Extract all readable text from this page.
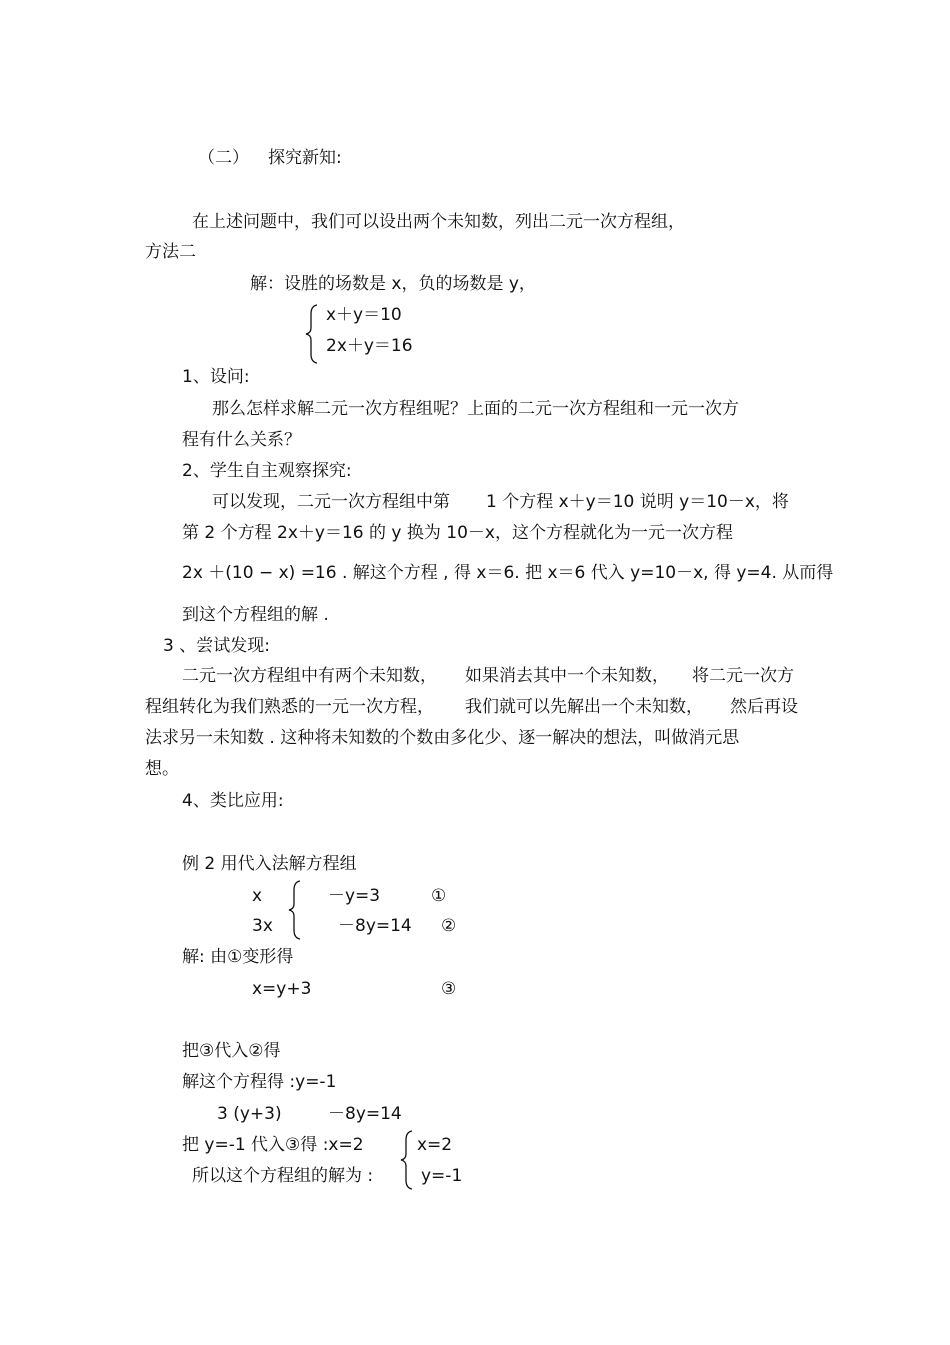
（二） 探究新知:
在上述问题中，我们可以设出两个未知数，列出二元一次方程组，
方法二
解：设胜的场数是 x，负的场数是 y，
x＋y＝10
2x＋y＝16
1、设问:
那么怎样求解二元一次方程组呢？上面的二元一次方程组和一元一次方
程有什么关系？
2、学生自主观察探究:
可以发现，二元一次方程组中第 1 个方程 x＋y＝10 说明 y＝10－x，将
第 2 个方程 2x＋y＝16 的 y 换为 10－x，这个方程就化为一元一次方程
2x ＋(10 − x) =16 . 解这个方程 , 得 x＝6. 把 x＝6 代入 y=10－x, 得 y=4. 从而得
到这个方程组的解 .
3 、尝试发现:
二元一次方程组中有两个未知数， 如果消去其中一个未知数， 将二元一次方
程组转化为我们熟悉的一元一次方程， 我们就可以先解出一个未知数， 然后再设
法求另一未知数 . 这种将未知数的个数由多化少、逐一解决的想法，叫做消元思
想。
4、类比应用:
例 2 用代入法解方程组
x	－y=3	①
3x	－8y=14 ②
解: 由①变形得
x=y+3	③
把③代入②得
解这个方程得 :y=-1
3 (y+3)	－8y=14
把 y=-1 代入③得 :x=2
所以这个方程组的解为 :
x=2
y=-1
